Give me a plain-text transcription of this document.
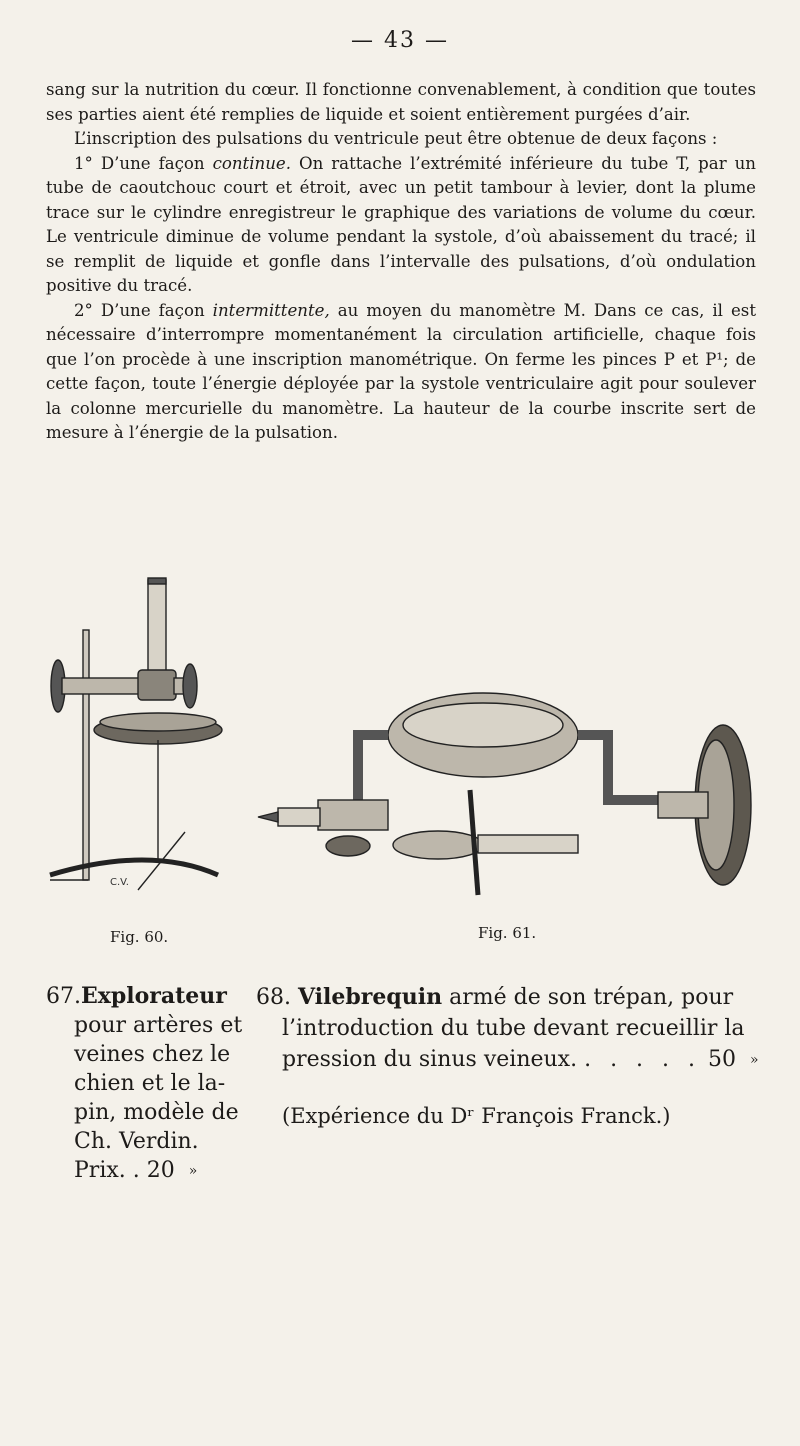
— 43 —

sang sur la nutrition du cœur. Il fonctionne convenablement, à condition que toutes ses parties aient été remplies de liquide et soient entièrement purgées d’air.

L’inscription des pulsations du ventricule peut être obtenue de deux façons :

1° D’une façon continue. On rattache l’extrémité inférieure du tube T, par un tube de caoutchouc court et étroit, avec un petit tambour à levier, dont la plume trace sur le cylindre enregistreur le graphique des variations de volume du cœur. Le ventricule diminue de volume pendant la systole, d’où abaissement du tracé; il se remplit de liquide et gonfle dans l’intervalle des pulsations, d’où ondulation positive du tracé.

2° D’une façon intermittente, au moyen du manomètre M. Dans ce cas, il est nécessaire d’interrompre momentanément la circulation artificielle, chaque fois que l’on procède à une inscription manométrique. On ferme les pinces P et P¹; de cette façon, toute l’énergie déployée par la systole ventriculaire agit pour soulever la colonne mercurielle du manomètre. La hauteur de la courbe inscrite sert de mesure à l’énergie de la pulsation.

C.V.
Fig. 60.	Fig. 61.
67.Explorateur
pour artères et
veines chez le
chien et le la-
pin, modèle de
Ch. Verdin.
Prix. . 20 »
68. Vilebrequin armé de son trépan, pour
l’introduction du tube devant recueillir la
pression du sinus veineux. . . . . . 50 »
(Expérience du Dʳ François Franck.)
